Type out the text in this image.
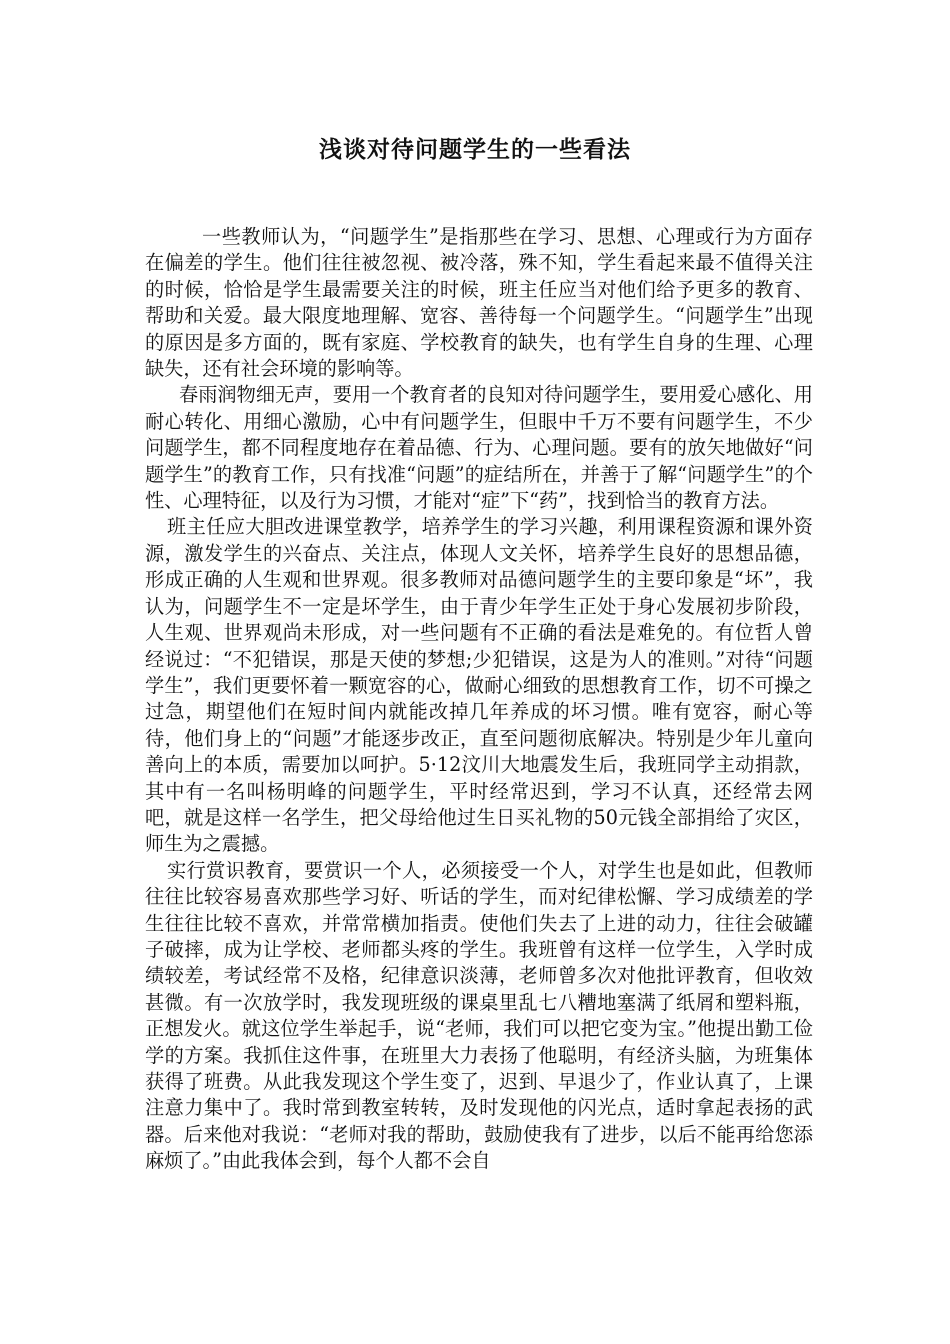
浅谈对待问题学生的一些看法

一些教师认为，“问题学生”是指那些在学习、思想、心理或行为方面存在偏差的学生。他们往往被忽视、被冷落，殊不知，学生看起来最不值得关注的时候，恰恰是学生最需要关注的时候，班主任应当对他们给予更多的教育、帮助和关爱。最大限度地理解、宽容、善待每一个问题学生。“问题学生”出现的原因是多方面的，既有家庭、学校教育的缺失，也有学生自身的生理、心理缺失，还有社会环境的影响等。

春雨润物细无声，要用一个教育者的良知对待问题学生，要用爱心感化、用耐心转化、用细心激励，心中有问题学生，但眼中千万不要有问题学生，不少问题学生，都不同程度地存在着品德、行为、心理问题。要有的放矢地做好“问题学生”的教育工作，只有找准“问题”的症结所在，并善于了解“问题学生”的个性、心理特征，以及行为习惯，才能对“症”下“药”，找到恰当的教育方法。

班主任应大胆改进课堂教学，培养学生的学习兴趣，利用课程资源和课外资源，激发学生的兴奋点、关注点，体现人文关怀，培养学生良好的思想品德，形成正确的人生观和世界观。很多教师对品德问题学生的主要印象是“坏”，我认为，问题学生不一定是坏学生，由于青少年学生正处于身心发展初步阶段，人生观、世界观尚未形成，对一些问题有不正确的看法是难免的。有位哲人曾经说过：“不犯错误，那是天使的梦想;少犯错误，这是为人的准则。”对待“问题学生”，我们更要怀着一颗宽容的心，做耐心细致的思想教育工作，切不可操之过急，期望他们在短时间内就能改掉几年养成的坏习惯。唯有宽容，耐心等待，他们身上的“问题”才能逐步改正，直至问题彻底解决。特别是少年儿童向善向上的本质，需要加以呵护。5·12汶川大地震发生后，我班同学主动捐款，其中有一名叫杨明峰的问题学生，平时经常迟到，学习不认真，还经常去网吧，就是这样一名学生，把父母给他过生日买礼物的50元钱全部捐给了灾区，师生为之震撼。

实行赏识教育，要赏识一个人，必须接受一个人，对学生也是如此，但教师往往比较容易喜欢那些学习好、听话的学生，而对纪律松懈、学习成绩差的学生往往比较不喜欢，并常常横加指责。使他们失去了上进的动力，往往会破罐子破摔，成为让学校、老师都头疼的学生。我班曾有这样一位学生，入学时成绩较差，考试经常不及格，纪律意识淡薄，老师曾多次对他批评教育，但收效甚微。有一次放学时，我发现班级的课桌里乱七八糟地塞满了纸屑和塑料瓶，正想发火。就这位学生举起手，说“老师，我们可以把它变为宝。”他提出勤工俭学的方案。我抓住这件事，在班里大力表扬了他聪明，有经济头脑，为班集体获得了班费。从此我发现这个学生变了，迟到、早退少了，作业认真了，上课注意力集中了。我时常到教室转转，及时发现他的闪光点，适时拿起表扬的武器。后来他对我说：“老师对我的帮助，鼓励使我有了进步，以后不能再给您添麻烦了。”由此我体会到，每个人都不会自
